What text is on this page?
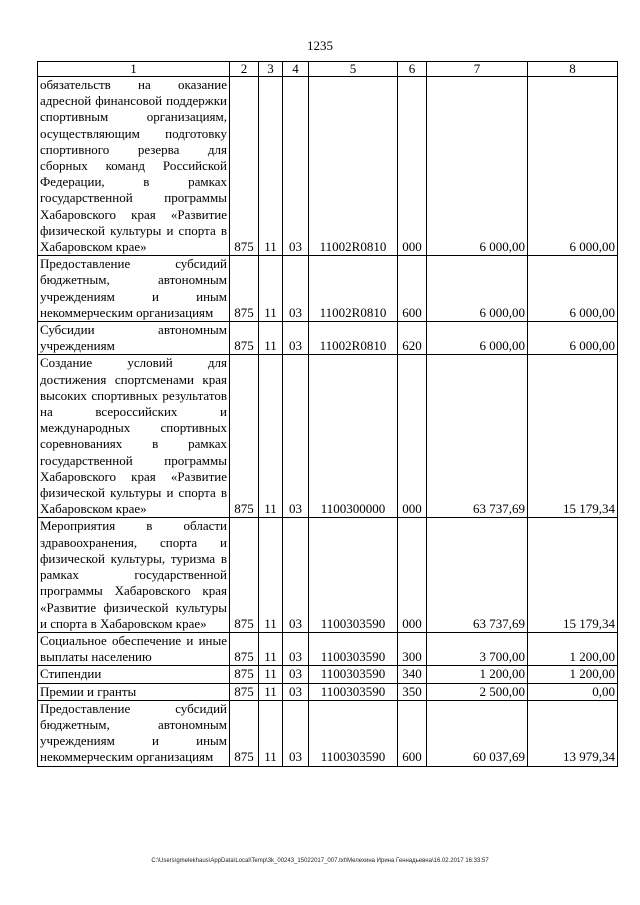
1235
1	2	3	4	5	6	7	8
обязательств на оказание адресной финансовой поддержки спортивным организациям, осуществляющим подготовку спортивного резерва для сборных команд Российской Федерации, в рамках государственной программы Хабаровского края «Развитие физической культуры и спорта в Хабаровском крае»	875	11	03	11002R0810	000	6 000,00	6 000,00
Предоставление субсидий бюджетным, автономным учреждениям и иным некоммерческим организациям	875	11	03	11002R0810	600	6 000,00	6 000,00
Субсидии автономным учреждениям	875	11	03	11002R0810	620	6 000,00	6 000,00
Создание условий для достижения спортсменами края высоких спортивных результатов на всероссийских и международных спортивных соревнованиях в рамках государственной программы Хабаровского края «Развитие физической культуры и спорта в Хабаровском крае»	875	11	03	1100300000	000	63 737,69	15 179,34
Мероприятия в области здравоохранения, спорта и физической культуры, туризма в рамках государственной программы Хабаровского края «Развитие физической культуры и спорта в Хабаровском крае»	875	11	03	1100303590	000	63 737,69	15 179,34
Социальное обеспечение и иные выплаты населению	875	11	03	1100303590	300	3 700,00	1 200,00
Стипендии	875	11	03	1100303590	340	1 200,00	1 200,00
Премии и гранты	875	11	03	1100303590	350	2 500,00	0,00
Предоставление субсидий бюджетным, автономным учреждениям и иным некоммерческим организациям	875	11	03	1100303590	600	60 037,69	13 979,34
C:\Users\gmelekhaus\AppData\Local\Temp\3k_00243_15022017_007.txt\Мелехина Ирина Геннадьевна\16.02.2017 16:33:57
